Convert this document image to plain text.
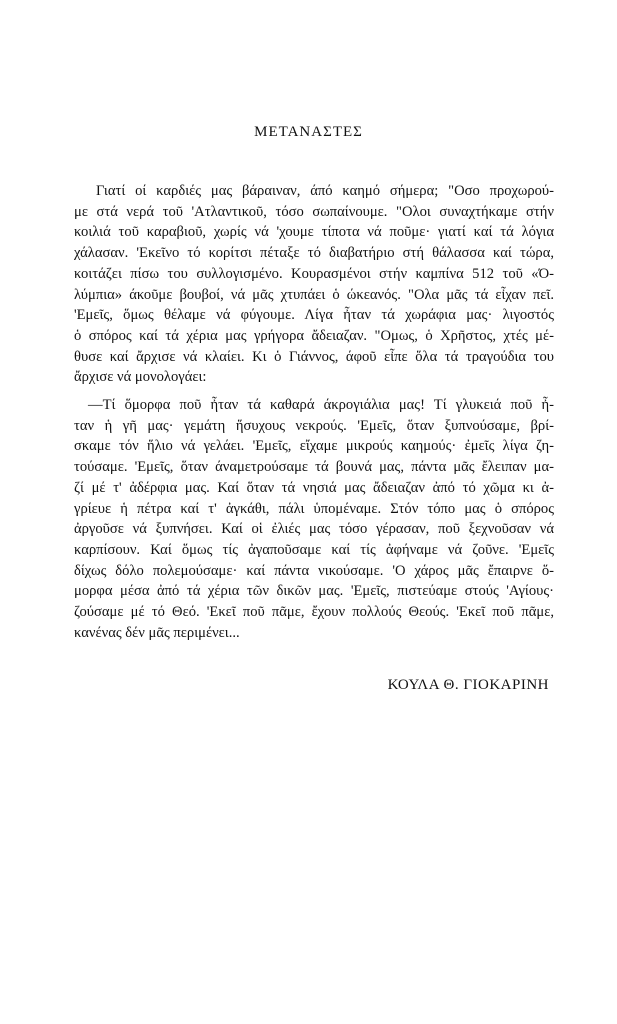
ΜΕΤΑΝΑΣΤΕΣ
Γιατί οί καρδιές μας βάραιναν, άπό καημό σήμερα; "Οσο προχωρού-
με στά νερά τοῦ 'Ατλαντικοῦ, τόσο σωπαίνουμε. "Ολοι συναχτήκαμε στήν
κοιλιά τοῦ καραβιοῦ, χωρίς νά 'χουμε τίποτα νά ποῦμε· γιατί καί τά λόγια
χάλασαν. 'Εκεῖνο τό κορίτσι πέταξε τό διαβατήριο στή θάλασσα καί τώρα,
κοιτάζει πίσω του συλλογισμένο. Κουρασμένοι στήν καμπίνα 512 τοῦ «Ό-
λύμπια» άκοῦμε βουβοί, νά μᾶς χτυπάει ὁ ώκεανός. "Ολα μᾶς τά εἶχαν πεῖ.
'Εμεῖς, ὅμως θέλαμε νά φύγουμε. Λίγα ἦταν τά χωράφια μας· λιγοστός
ὁ σπόρος καί τά χέρια μας γρήγορα ἄδειαζαν. "Ομως, ὁ Χρῆστος, χτές μέ-
θυσε καί ἄρχισε νά κλαίει. Κι ὁ Γιάννος, άφοῦ εἶπε ὅλα τά τραγούδια του
ἄρχισε νά μονολογάει:
—Τί ὅμορφα ποῦ ἦταν τά καθαρά άκρογιάλια μας! Τί γλυκειά ποῦ ἦ-
ταν ἡ γῆ μας· γεμάτη ἥσυχους νεκρούς. 'Εμεῖς, ὅταν ξυπνούσαμε, βρί-
σκαμε τόν ἥλιο νά γελάει. 'Εμεῖς, εἴχαμε μικρούς καημούς· ἐμεῖς λίγα ζη-
τούσαμε. 'Εμεῖς, ὅταν άναμετρούσαμε τά βουνά μας, πάντα μᾶς ἔλειπαν μα-
ζί μέ τ' ἀδέρφια μας. Καί ὅταν τά νησιά μας ἄδειαζαν ἀπό τό χῶμα κι ἀ-
γρίευε ἡ πέτρα καί τ' ἀγκάθι, πάλι ὑπομέναμε. Στόν τόπο μας ὁ σπόρος
ἀργοῦσε νά ξυπνήσει. Καί οἱ ἐλιές μας τόσο γέρασαν, ποῦ ξεχνοῦσαν νά
καρπίσουν. Καί ὅμως τίς ἀγαποῦσαμε καί τίς ἀφήναμε νά ζοῦνε. 'Εμεῖς
δίχως δόλο πολεμούσαμε· καί πάντα νικούσαμε. 'Ο χάρος μᾶς ἔπαιρνε ὅ-
μορφα μέσα ἀπό τά χέρια τῶν δικῶν μας. 'Εμεῖς, πιστεύαμε στούς 'Αγίους·
ζούσαμε μέ τό Θεό. 'Εκεῖ ποῦ πᾶμε, ἔχουν πολλούς Θεούς. 'Εκεῖ ποῦ πᾶμε,
κανένας δέν μᾶς περιμένει...
ΚΟΥΛΑ Θ. ΓΙΟΚΑΡΙΝΗ
